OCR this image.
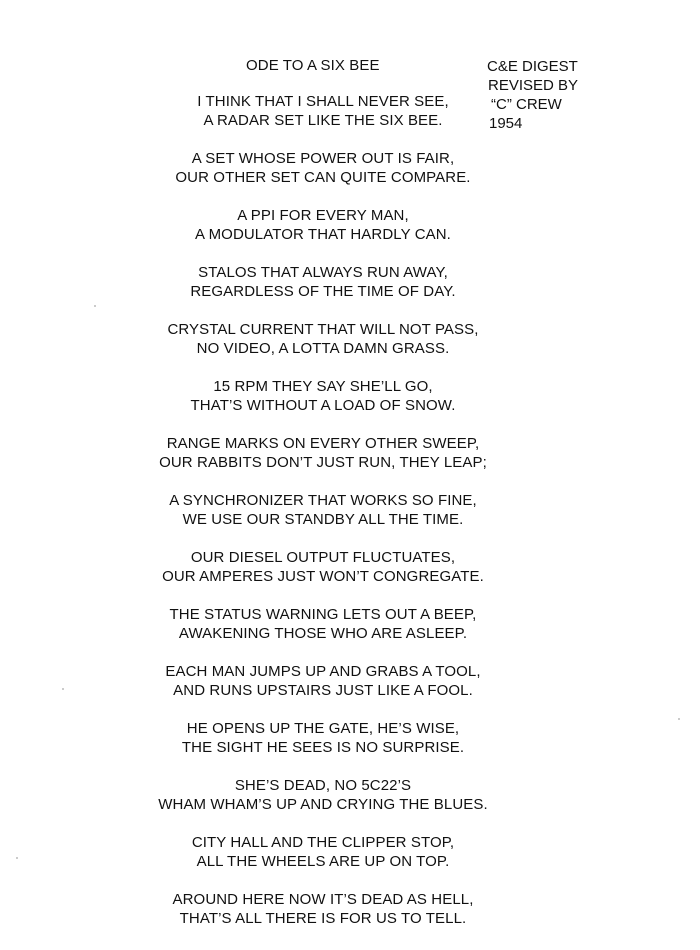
ODE TO A SIX BEE	C&E DIGEST
REVISED BY
“C” CREW
1954
I THINK THAT I SHALL NEVER SEE,
A RADAR SET LIKE THE SIX BEE.
A SET WHOSE POWER OUT IS FAIR,
OUR OTHER SET CAN QUITE COMPARE.
A PPI FOR EVERY MAN,
A MODULATOR THAT HARDLY CAN.
STALOS THAT ALWAYS RUN AWAY,
REGARDLESS OF THE TIME OF DAY.
CRYSTAL CURRENT THAT WILL NOT PASS,
NO VIDEO, A LOTTA DAMN GRASS.
15 RPM THEY SAY SHE’LL GO,
THAT’S WITHOUT A LOAD OF SNOW.
RANGE MARKS ON EVERY OTHER SWEEP,
OUR RABBITS DON’T JUST RUN, THEY LEAP;
A SYNCHRONIZER THAT WORKS SO FINE,
WE USE OUR STANDBY ALL THE TIME.
OUR DIESEL OUTPUT FLUCTUATES,
OUR AMPERES JUST WON’T CONGREGATE.
THE STATUS WARNING LETS OUT A BEEP,
AWAKENING THOSE WHO ARE ASLEEP.
EACH MAN JUMPS UP AND GRABS A TOOL,
AND RUNS UPSTAIRS JUST LIKE A FOOL.
HE OPENS UP THE GATE, HE’S WISE,
THE SIGHT HE SEES IS NO SURPRISE.
SHE’S DEAD, NO 5C22’S
WHAM WHAM’S UP AND CRYING THE BLUES.
CITY HALL AND THE CLIPPER STOP,
ALL THE WHEELS ARE UP ON TOP.
AROUND HERE NOW IT’S DEAD AS HELL,
THAT’S ALL THERE IS FOR US TO TELL.
